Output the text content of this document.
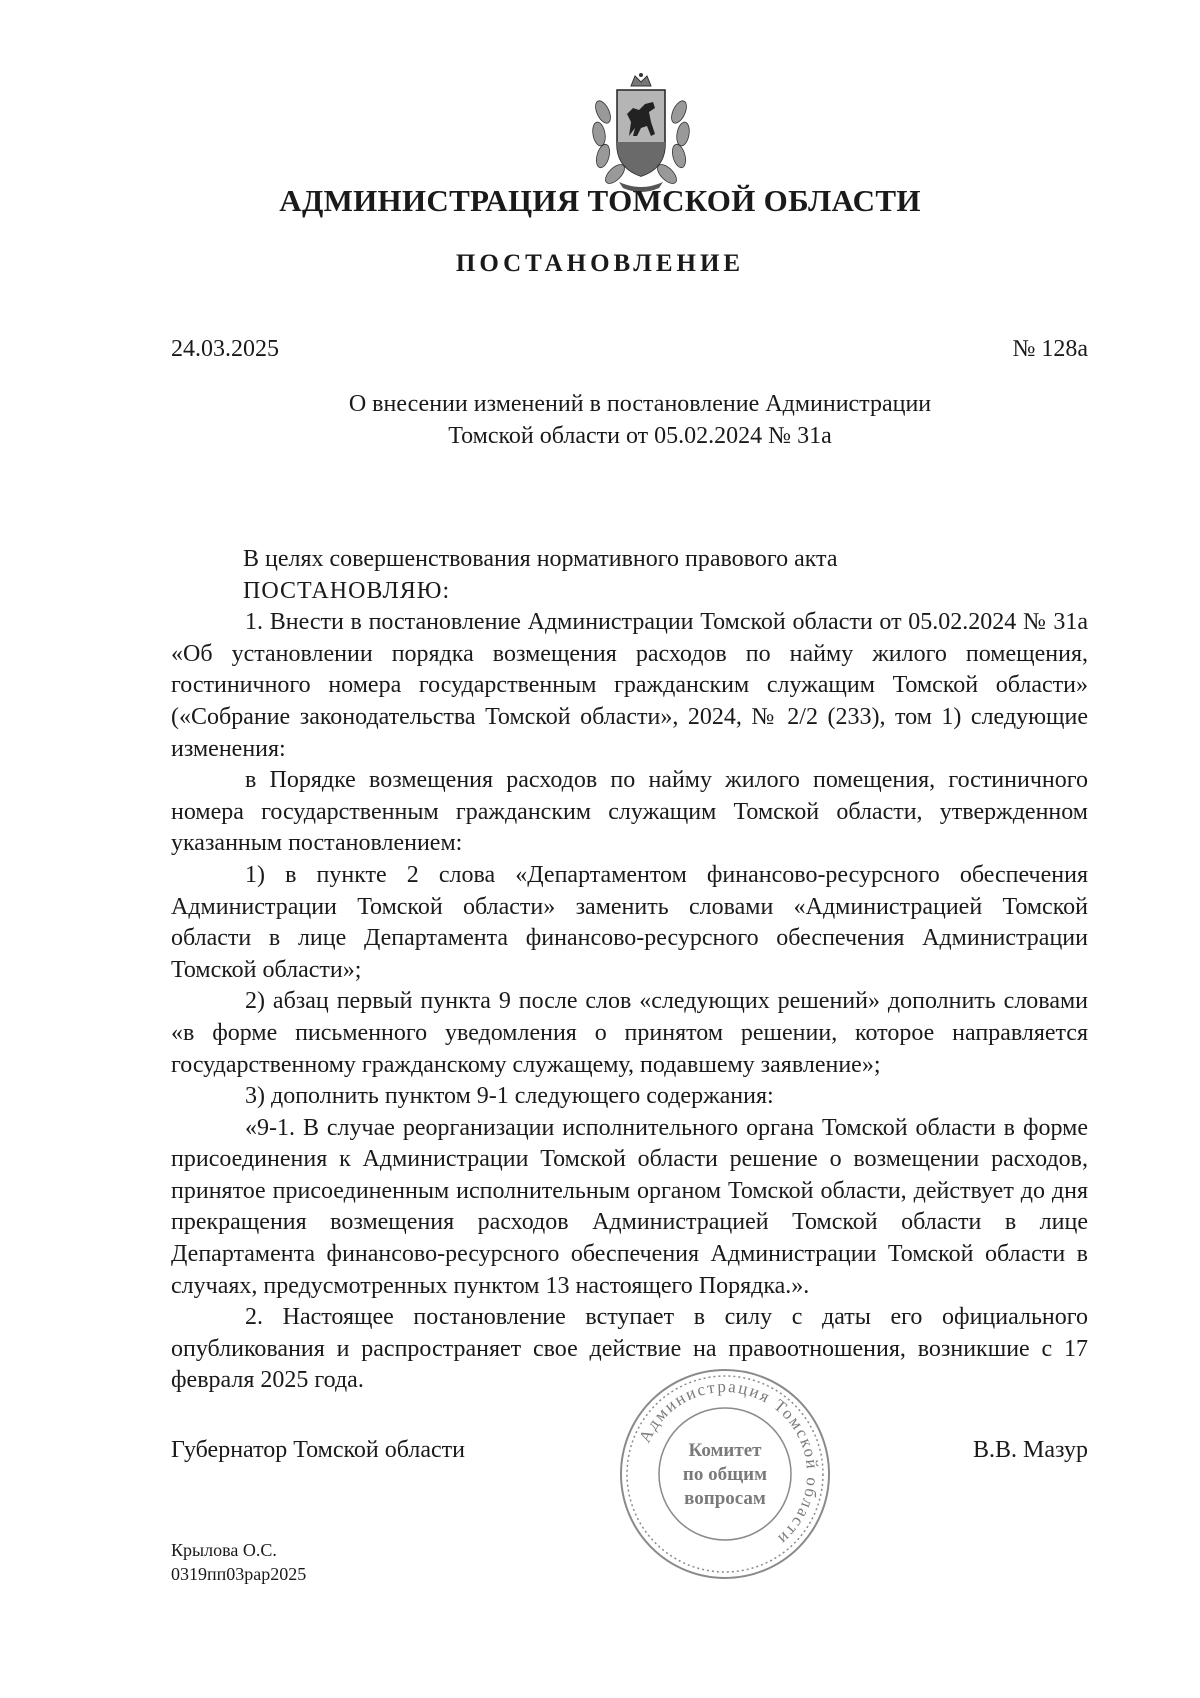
АДМИНИСТРАЦИЯ ТОМСКОЙ ОБЛАСТИ
ПОСТАНОВЛЕНИЕ
24.03.2025	№ 128а
О внесении изменений в постановление Администрации
Томской области от 05.02.2024 № 31а

В целях совершенствования нормативного правового акта

ПОСТАНОВЛЯЮ:

1. Внести в постановление Администрации Томской области от 05.02.2024 № 31а «Об установлении порядка возмещения расходов по найму жилого помещения, гостиничного номера государственным гражданским служащим Томской области» («Собрание законодательства Томской области», 2024, № 2/2 (233), том 1) следующие изменения:

в Порядке возмещения расходов по найму жилого помещения, гостиничного номера государственным гражданским служащим Томской области, утвержденном указанным постановлением:

1) в пункте 2 слова «Департаментом финансово-ресурсного обеспечения Администрации Томской области» заменить словами «Администрацией Томской области в лице Департамента финансово-ресурсного обеспечения Администрации Томской области»;

2) абзац первый пункта 9 после слов «следующих решений» дополнить словами «в форме письменного уведомления о принятом решении, которое направляется государственному гражданскому служащему, подавшему заявление»;

3) дополнить пунктом 9-1 следующего содержания:

«9-1. В случае реорганизации исполнительного органа Томской области в форме присоединения к Администрации Томской области решение о возмещении расходов, принятое присоединенным исполнительным органом Томской области, действует до дня прекращения возмещения расходов Администрацией Томской области в лице Департамента финансово-ресурсного обеспечения Администрации Томской области в случаях, предусмотренных пунктом 13 настоящего Порядка.».

2. Настоящее постановление вступает в силу с даты его официального опубликования и распространяет свое действие на правоотношения, возникшие с 17 февраля 2025 года.

Губернатор Томской области
Администрация Томской области
Комитет
по общим
вопросам
В.В. Мазур
Крылова О.С.
0319пп03рар2025
